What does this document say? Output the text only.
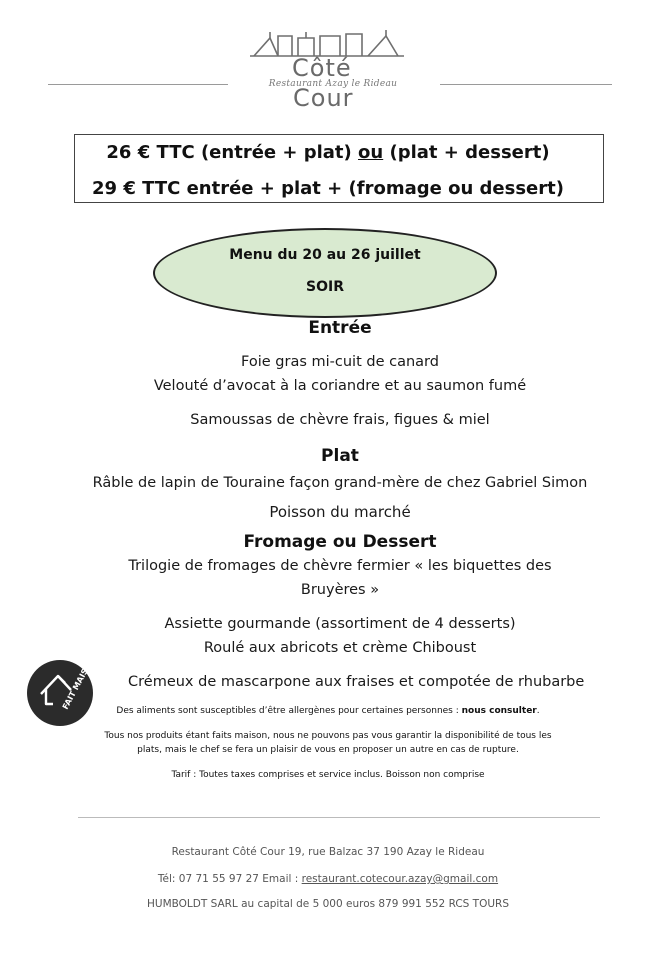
Côté
Restaurant Azay le Rideau
Cour
26 € TTC (entrée + plat) ou (plat + dessert)
29 € TTC entrée + plat + (fromage ou dessert)
Menu du 20 au 26 juillet
SOIR
Entrée
Foie gras mi-cuit de canard
Velouté d’avocat à la coriandre et au saumon fumé
Samoussas de chèvre frais, figues & miel
Plat
Râble de lapin de Touraine façon grand-mère de chez Gabriel Simon
Poisson du marché
Fromage ou Dessert
Trilogie de fromages de chèvre fermier « les biquettes des
Bruyères »
Assiette gourmande (assortiment de 4 desserts)
Roulé aux abricots et crème Chiboust
Crémeux de mascarpone aux fraises et compotée de rhubarbe
FAIT MAISON
Des aliments sont susceptibles d’être allergènes pour certaines personnes : nous consulter.
Tous nos produits étant faits maison, nous ne pouvons pas vous garantir la disponibilité de tous les
plats, mais le chef se fera un plaisir de vous en proposer un autre en cas de rupture.
Tarif : Toutes taxes comprises et service inclus. Boisson non comprise
Restaurant Côté Cour 19, rue Balzac 37 190 Azay le Rideau
Tél: 07 71 55 97 27 Email : restaurant.cotecour.azay@gmail.com
HUMBOLDT SARL au capital de 5 000 euros 879 991 552 RCS TOURS
